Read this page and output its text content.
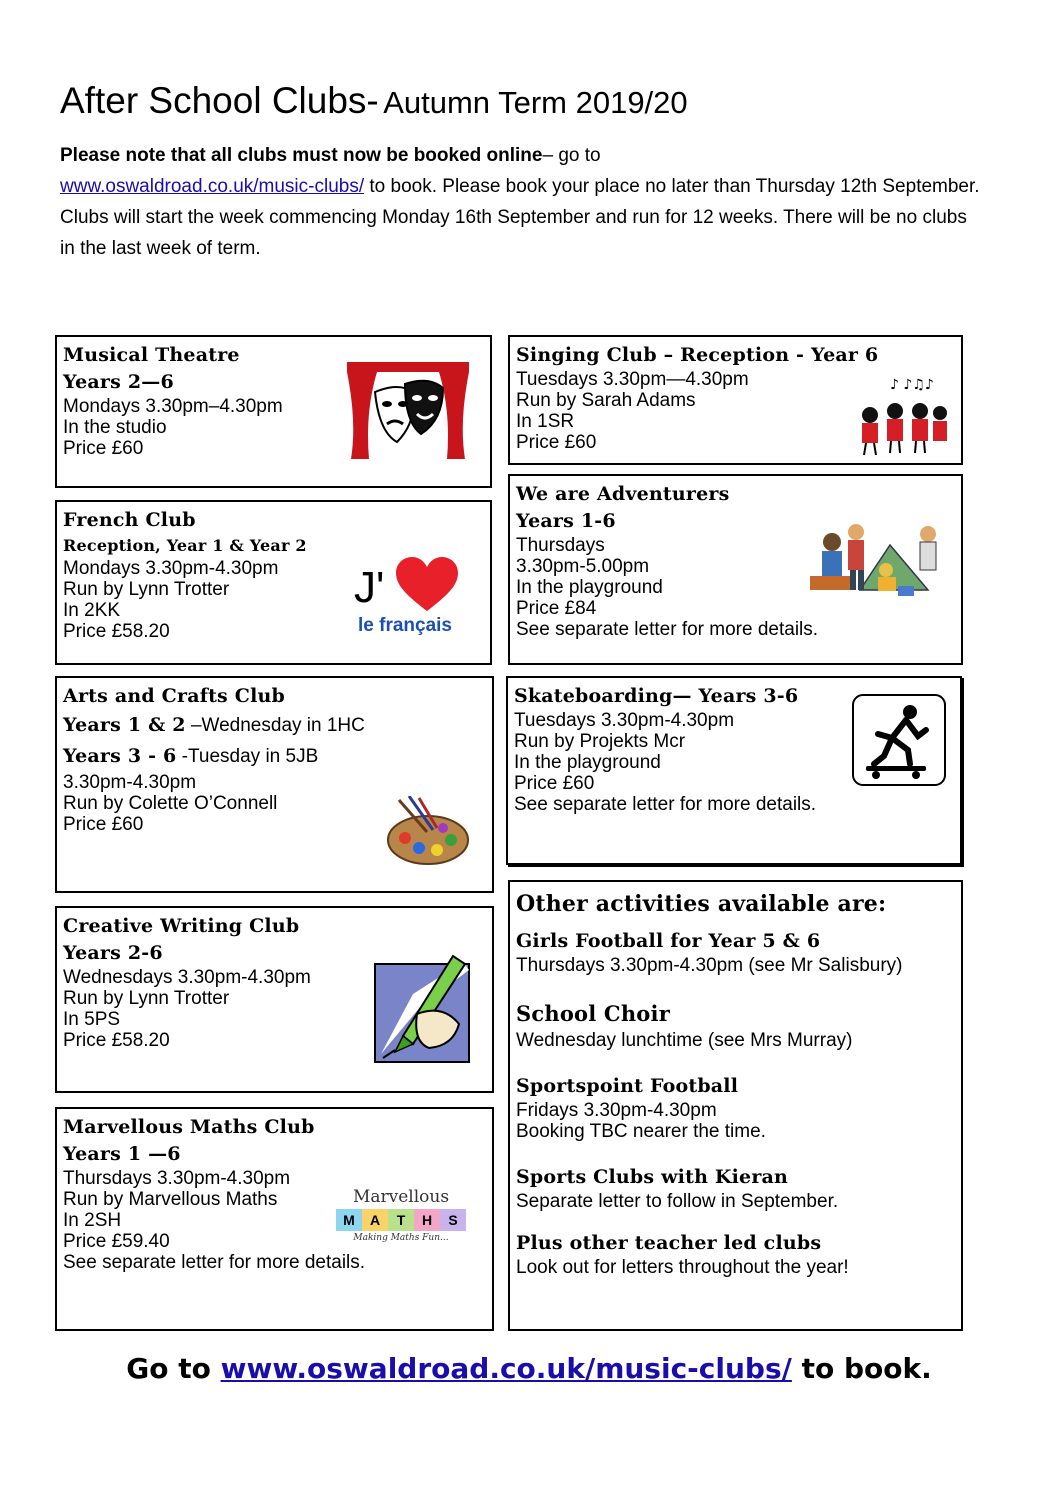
After School Clubs- Autumn Term 2019/20
Please note that all clubs must now be booked online– go to
www.oswaldroad.co.uk/music-clubs/ to book. Please book your place no later than Thursday 12th September.
Clubs will start the week commencing Monday 16th September and run for 12 weeks. There will be no clubs in the last week of term.
Musical Theatre
Years 2—6
Mondays 3.30pm–4.30pm
In the studio
Price £60
Singing Club – Reception - Year 6
Tuesdays 3.30pm—4.30pm
Run by Sarah Adams
In 1SR
Price £60
♪ ♪♫♪
French Club
Reception, Year 1 & Year 2
Mondays 3.30pm-4.30pm
Run by Lynn Trotter
In 2KK
Price £58.20
J'
le français
We are Adventurers
Years 1-6
Thursdays
3.30pm-5.00pm
In the playground
Price £84
See separate letter for more details.
Arts and Crafts Club
Years 1 & 2 –Wednesday in 1HC
Years 3 - 6 -Tuesday in 5JB
3.30pm-4.30pm
Run by Colette O’Connell
Price £60
Skateboarding— Years 3-6
Tuesdays 3.30pm-4.30pm
Run by Projekts Mcr
In the playground
Price £60
See separate letter for more details.
Creative Writing Club
Years 2-6
Wednesdays 3.30pm-4.30pm
Run by Lynn Trotter
In 5PS
Price £58.20
Marvellous Maths Club
Years 1 —6
Thursdays 3.30pm-4.30pm
Run by Marvellous Maths
In 2SH
Price £59.40
See separate letter for more details.
Marvellous
M	A	T	H	S
Making Maths Fun...
Other activities available are:
Girls Football for Year 5 & 6
Thursdays 3.30pm-4.30pm (see Mr Salisbury)
School Choir
Wednesday lunchtime (see Mrs Murray)
Sportspoint Football
Fridays 3.30pm-4.30pm
Booking TBC nearer the time.
Sports Clubs with Kieran
Separate letter to follow in September.
Plus other teacher led clubs
Look out for letters throughout the year!
Go to www.oswaldroad.co.uk/music-clubs/ to book.
